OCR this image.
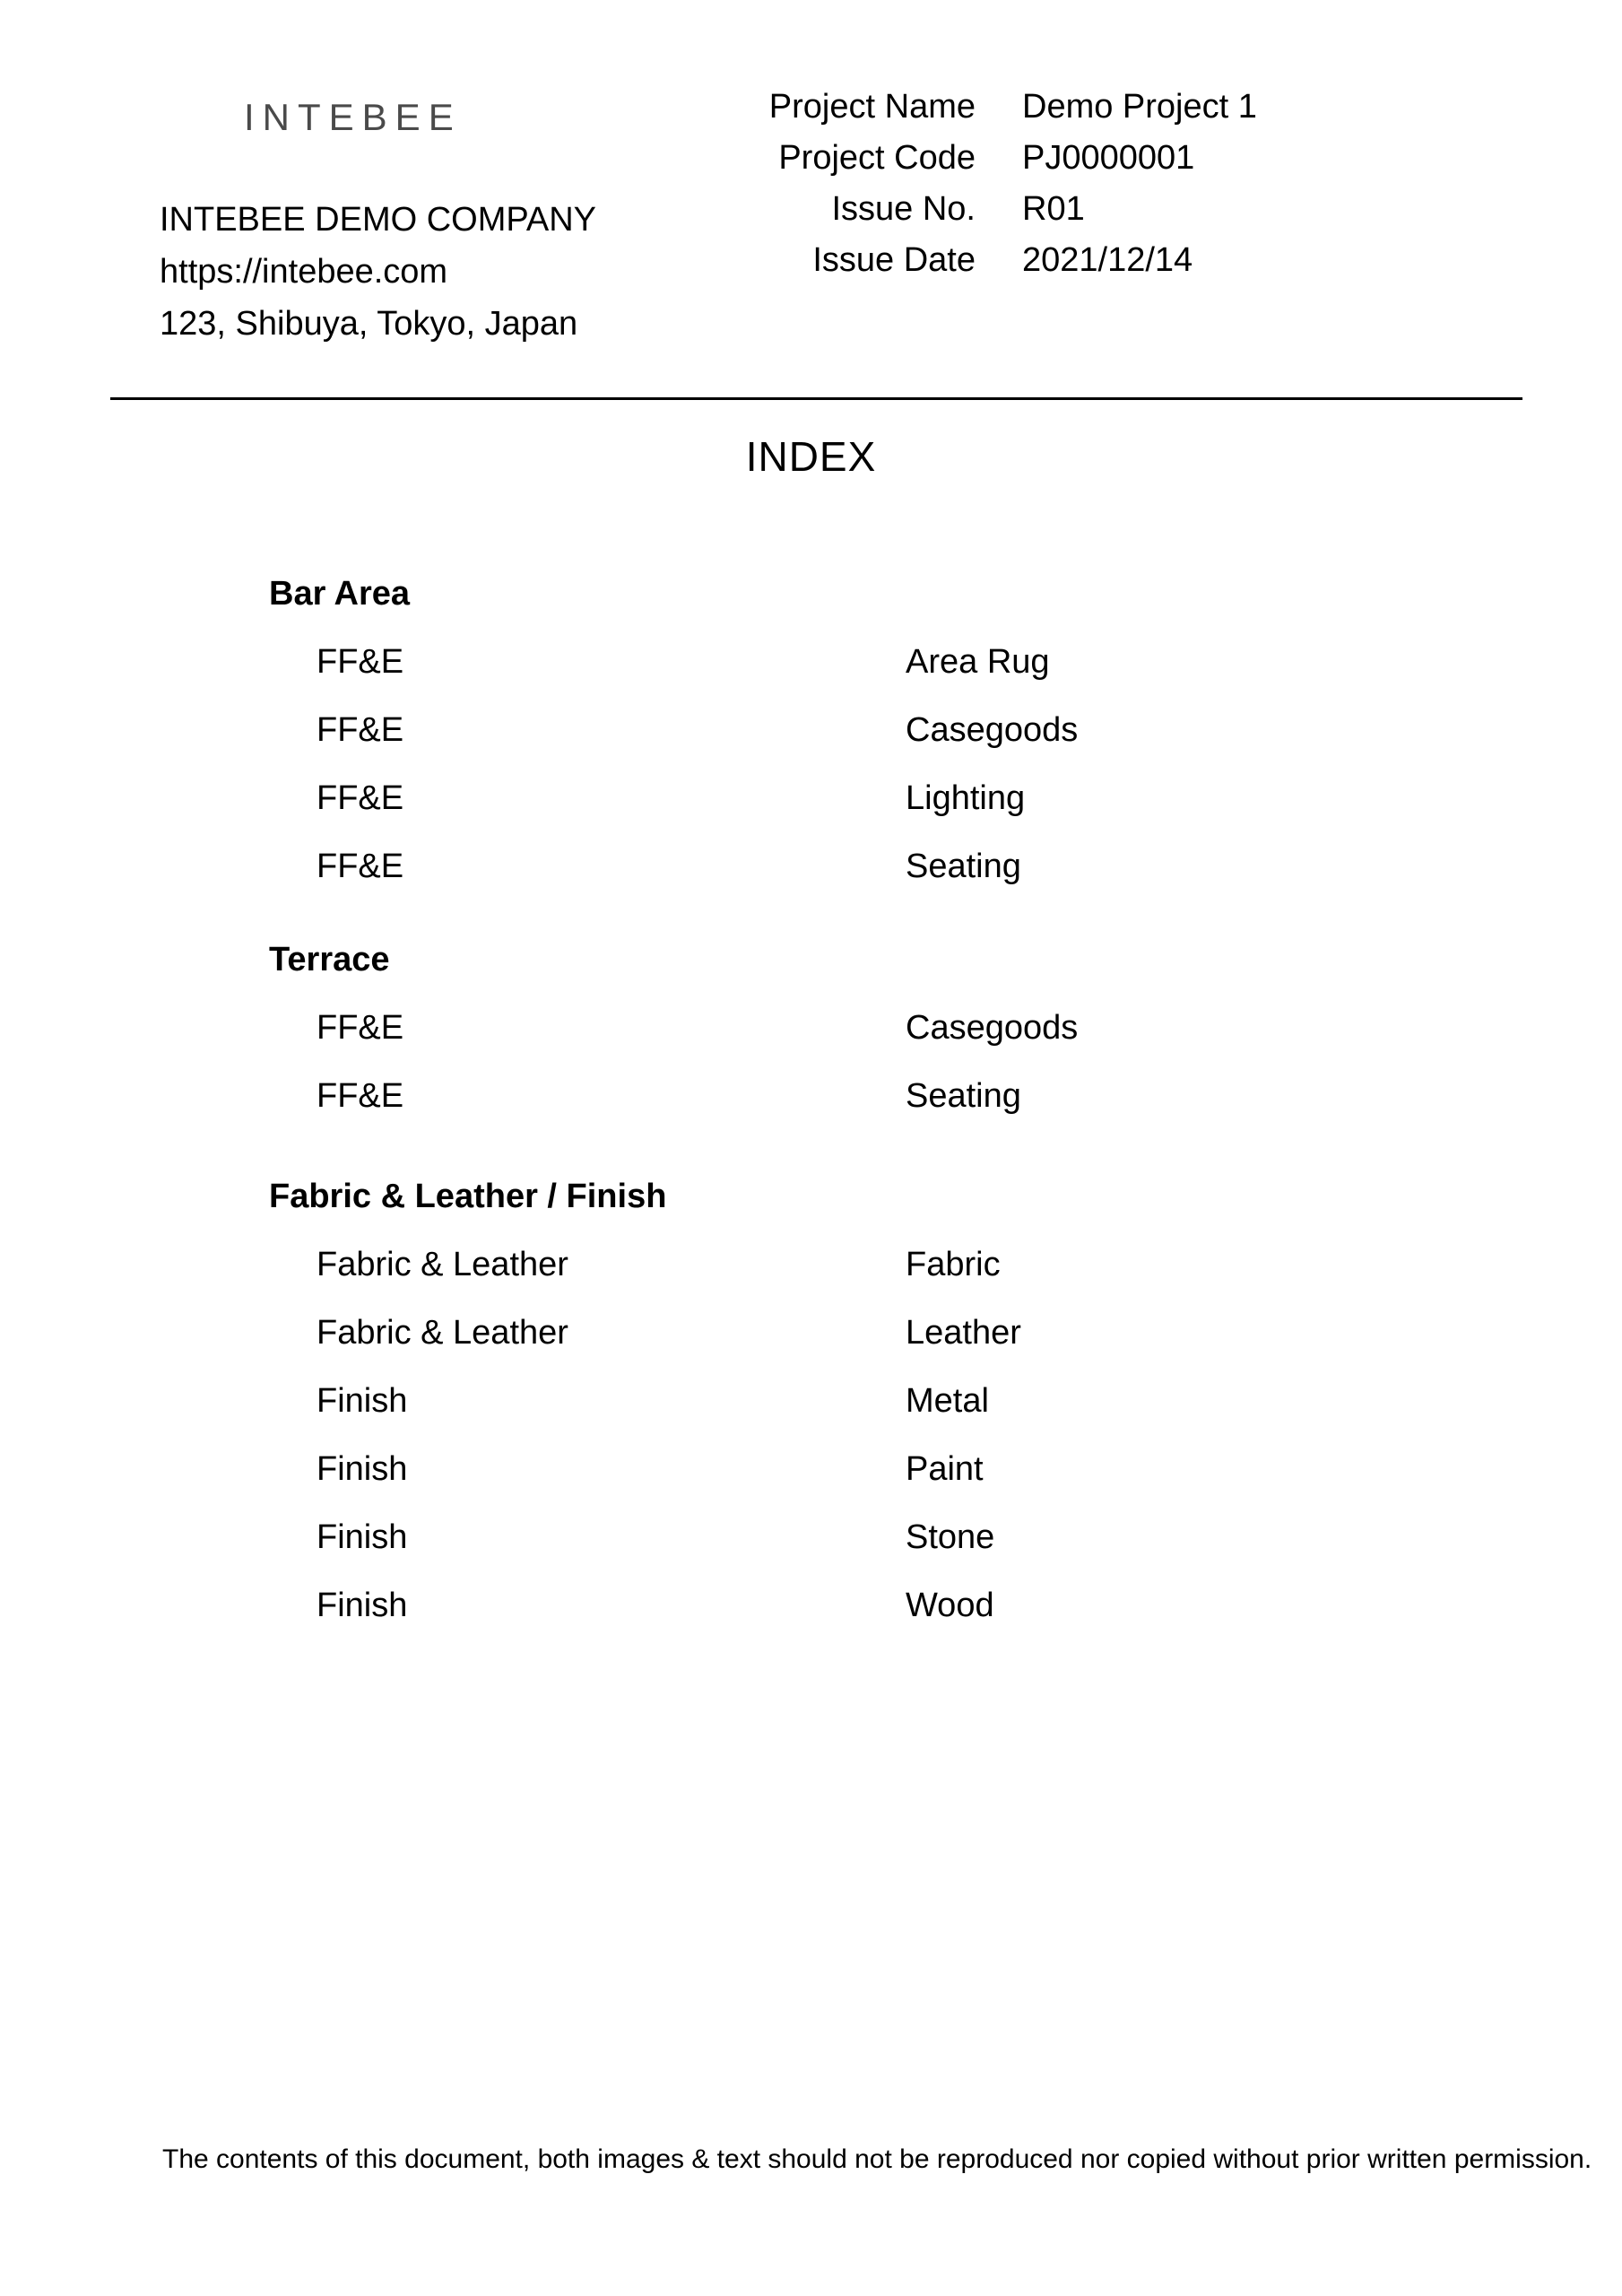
INTEBEE
INTEBEE DEMO COMPANY
https://intebee.com
123, Shibuya, Tokyo, Japan
Project Name Demo Project 1
Project Code PJ0000001
Issue No. R01
Issue Date 2021/12/14
INDEX
Bar Area
FF&E	Area Rug
FF&E	Casegoods
FF&E	Lighting
FF&E	Seating
Terrace
FF&E	Casegoods
FF&E	Seating
Fabric & Leather / Finish
Fabric & Leather	Fabric
Fabric & Leather	Leather
Finish	Metal
Finish	Paint
Finish	Stone
Finish	Wood
The contents of this document, both images & text should not be reproduced nor copied without prior written permission.
